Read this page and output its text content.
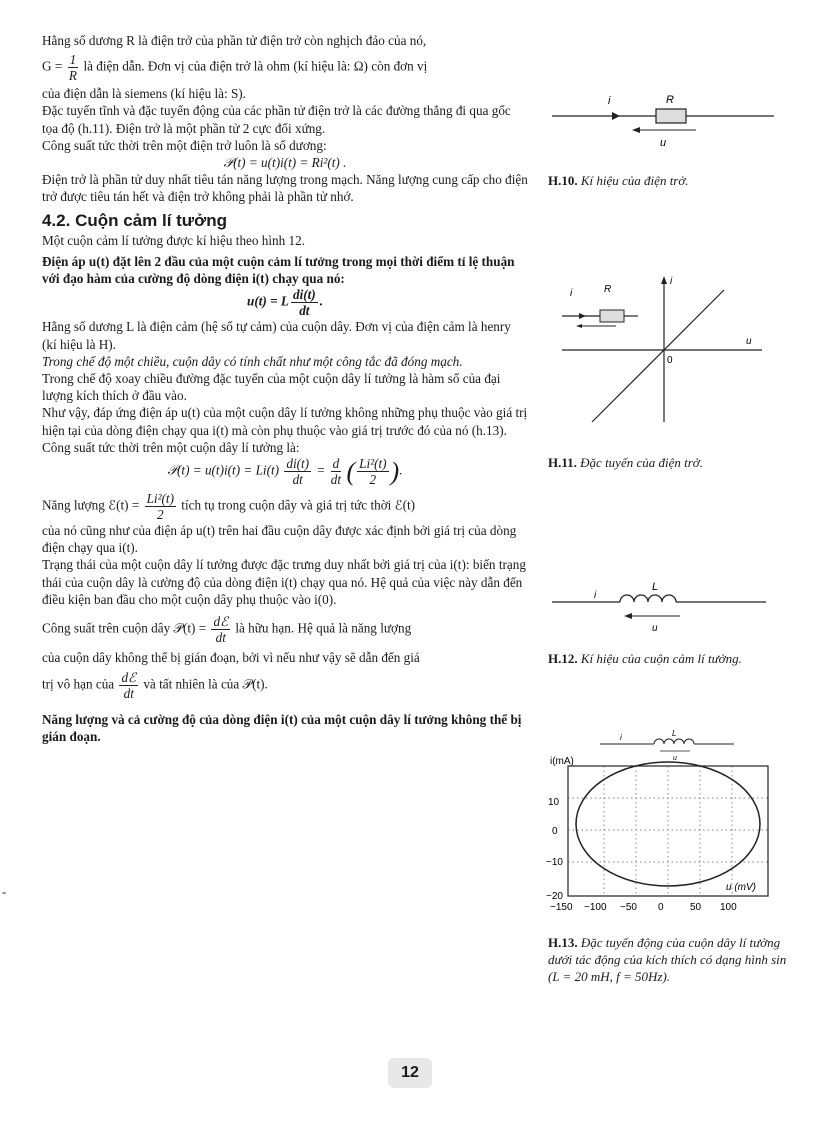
Hằng số dương R là điện trở của phần tử điện trở còn nghịch đảo của nó,

$G = \frac{1}{R}$ là điện dẫn. Đơn vị của điện trở là ohm (kí hiệu là: Ω) còn đơn vị

của điện dẫn là siemens (kí hiệu là: S).

Đặc tuyến tĩnh và đặc tuyến động của các phần tử điện trở là các đường thẳng đi qua gốc tọa độ (h.11). Điện trở là một phần tử 2 cực đối xứng.

Công suất tức thời trên một điện trở luôn là số dương:

𝒫(t) = u(t)i(t) = Ri²(t) .

Điện trở là phần tử duy nhất tiêu tán năng lượng trong mạch. Năng lượng cung cấp cho điện trở được tiêu tán hết và điện trở không phải là phần tử nhớ.

4.2. Cuộn cảm lí tưởng

Một cuộn cảm lí tưởng được kí hiệu theo hình 12.

Điện áp u(t) đặt lên 2 đầu của một cuộn cảm lí tưởng trong mọi thời điểm tỉ lệ thuận với đạo hàm của cường độ dòng điện i(t) chạy qua nó:

u(t) = L $\frac{di(t)}{dt}$ .

Hằng số dương L là điện cảm (hệ số tự cảm) của cuộn dây. Đơn vị của điện cảm là henry (kí hiệu là H).

Trong chế độ một chiều, cuộn dây có tính chất như một công tắc đã đóng mạch.

Trong chế độ xoay chiều đường đặc tuyến của một cuộn dây lí tưởng là hàm số của đại lượng kích thích ở đầu vào.

Như vậy, đáp ứng điện áp u(t) của một cuộn dây lí tưởng không những phụ thuộc vào giá trị hiện tại của dòng điện chạy qua i(t) mà còn phụ thuộc vào giá trị trước đó của nó (h.13).

Công suất tức thời trên một cuộn dây lí tưởng là:

𝒫(t) = $u(t)i(t) = Li(t) \frac{di(t)}{dt} = \frac{d}{dt}$ ( $\frac{\text{Li²(t)}}{2}$ ).

Năng lượng ℰ(t) = $\frac{\text{Li²(t)}}{2}$ tích tụ trong cuộn dây và giá trị tức thời ℰ(t)

của nó cũng như của điện áp u(t) trên hai đầu cuộn dây được xác định bởi giá trị của dòng điện chạy qua i(t).

Trạng thái của một cuộn dây lí tưởng được đặc trưng duy nhất bởi giá trị của i(t): biến trạng thái của cuộn dây là cường độ của dòng điện i(t) chạy qua nó. Hệ quả của việc này dẫn đến điều kiện ban đầu cho một cuộn dây phụ thuộc vào i(0).

Công suất trên cuộn dây 𝒫(t) = $\frac{\text{dℰ}}{dt}$ là hữu hạn. Hệ quả là năng lượng

của cuộn dây không thể bị gián đoạn, bởi vì nếu như vậy sẽ dẫn đến giá

trị vô hạn của $\frac{\text{dℰ}}{dt}$ và tất nhiên là của 𝒫(t).

Năng lượng và cả cường độ của dòng điện i(t) của một cuộn dây lí tưởng không thể bị gián đoạn.

i	R
u
H.10. Kí hiệu của điện trở.
i	R
i
u
0
H.11. Đặc tuyến của điện trở.
i
L
u
H.12. Kí hiệu của cuộn cảm lí tưởng.
i	L
u
i(mA)
u (mV)
10
0
−10
−20
−150 −100 −50 0	50 100
H.13. Đặc tuyến động của cuộn dây lí tưởng dưới tác động của kích thích có dạng hình sin (L = 20 mH, f = 50Hz).
-
12
